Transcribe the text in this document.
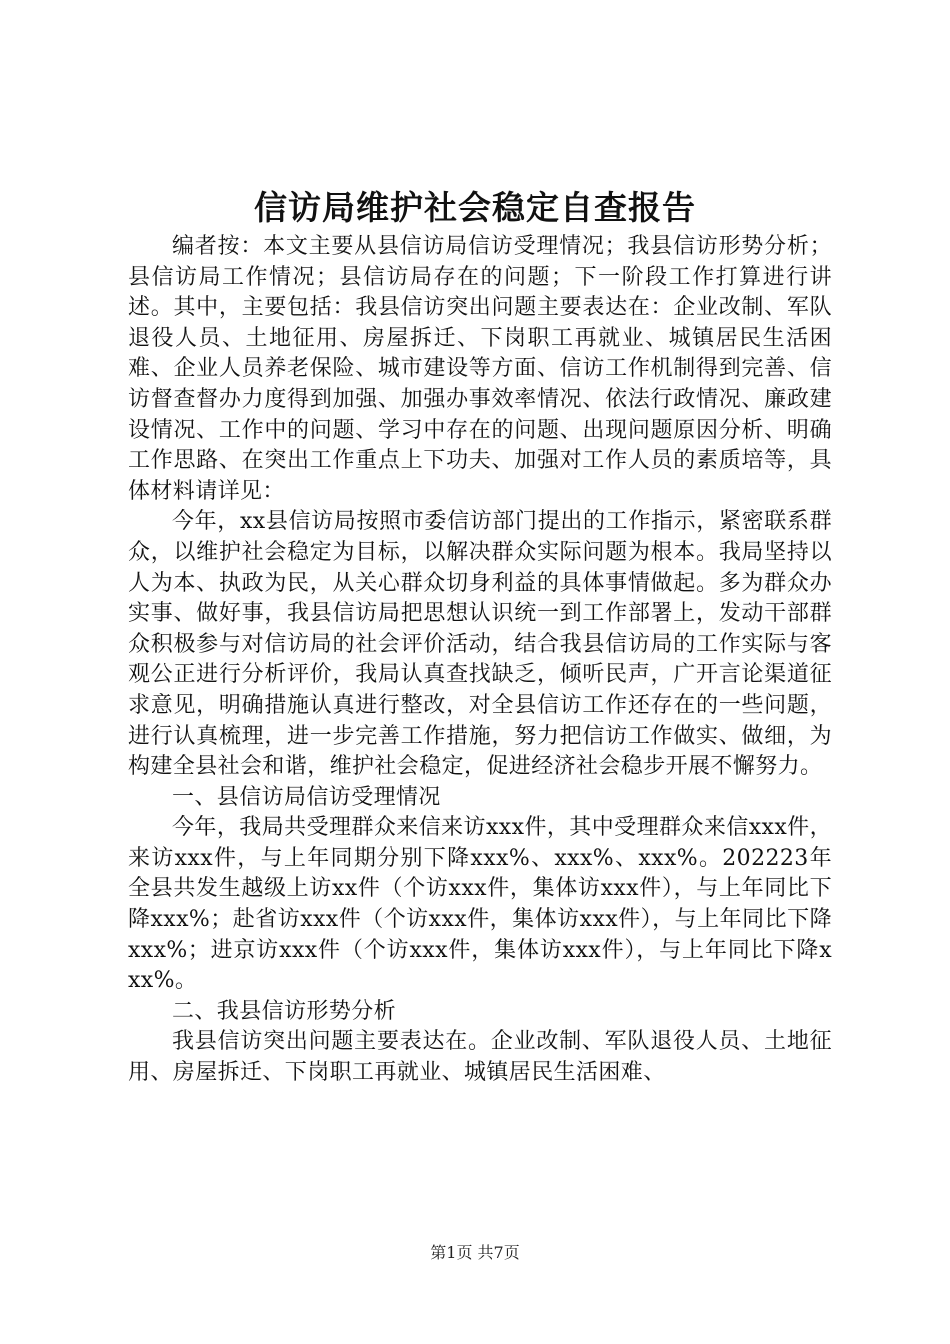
信访局维护社会稳定自查报告

编者按：本文主要从县信访局信访受理情况；我县信访形势分析；县信访局工作情况；县信访局存在的问题；下一阶段工作打算进行讲述。其中，主要包括：我县信访突出问题主要表达在：企业改制、军队退役人员、土地征用、房屋拆迁、下岗职工再就业、城镇居民生活困难、企业人员养老保险、城市建设等方面、信访工作机制得到完善、信访督查督办力度得到加强、加强办事效率情况、依法行政情况、廉政建设情况、工作中的问题、学习中存在的问题、出现问题原因分析、明确工作思路、在突出工作重点上下功夫、加强对工作人员的素质培等，具体材料请详见：

今年，xx县信访局按照市委信访部门提出的工作指示，紧密联系群众，以维护社会稳定为目标，以解决群众实际问题为根本。我局坚持以人为本、执政为民，从关心群众切身利益的具体事情做起。多为群众办实事、做好事，我县信访局把思想认识统一到工作部署上，发动干部群众积极参与对信访局的社会评价活动，结合我县信访局的工作实际与客观公正进行分析评价，我局认真查找缺乏，倾听民声，广开言论渠道征求意见，明确措施认真进行整改，对全县信访工作还存在的一些问题，进行认真梳理，进一步完善工作措施，努力把信访工作做实、做细，为构建全县社会和谐，维护社会稳定，促进经济社会稳步开展不懈努力。

一、县信访局信访受理情况

今年，我局共受理群众来信来访xxx件，其中受理群众来信xxx件，来访xxx件，与上年同期分别下降xxx%、xxx%、xxx%。202223年全县共发生越级上访xx件（个访xxx件，集体访xxx件），与上年同比下降xxx%；赴省访xxx件（个访xxx件，集体访xxx件），与上年同比下降xxx%；进京访xxx件（个访xxx件，集体访xxx件），与上年同比下降xxx%。

二、我县信访形势分析

我县信访突出问题主要表达在。企业改制、军队退役人员、土地征用、房屋拆迁、下岗职工再就业、城镇居民生活困难、

第1页 共7页
